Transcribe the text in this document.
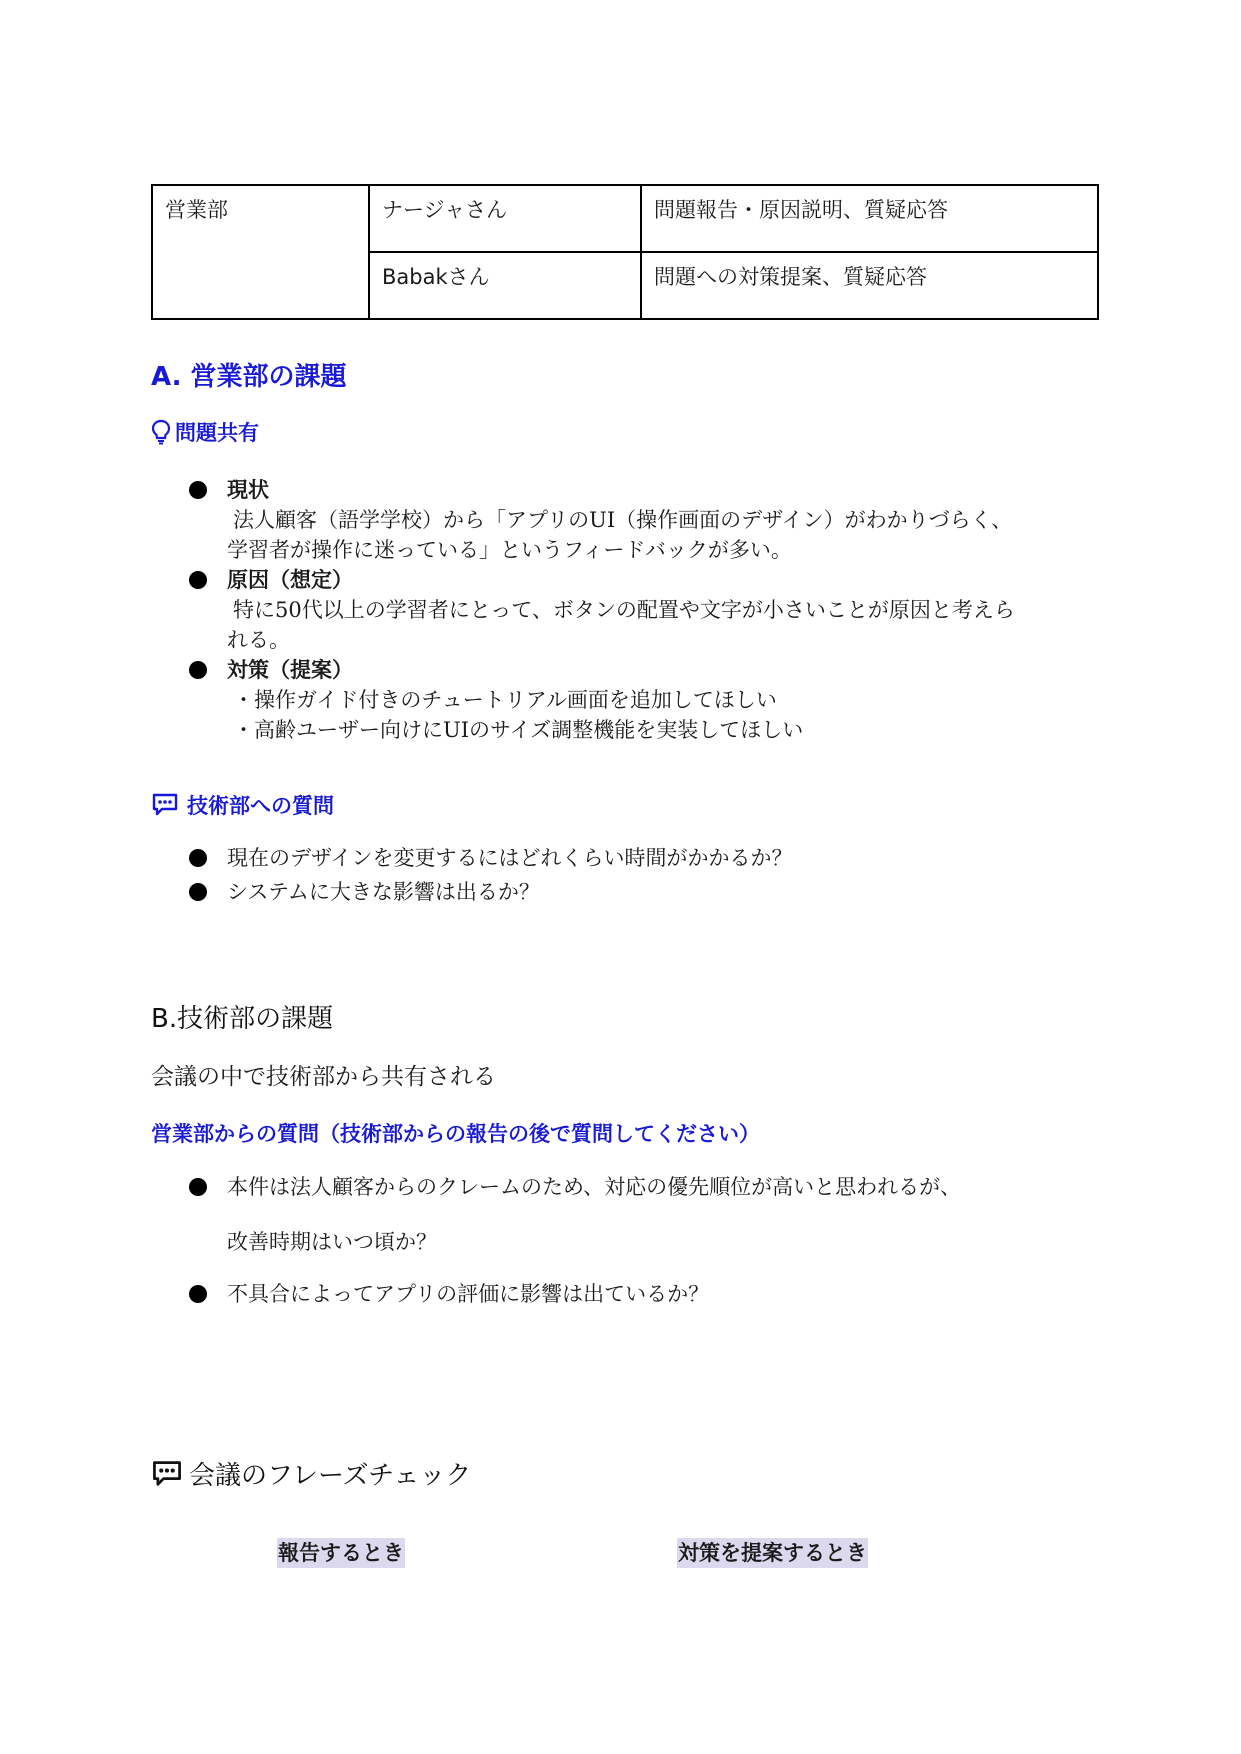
営業部	ナージャさん	問題報告・原因説明、質疑応答
	Babakさん	問題への対策提案、質疑応答
A. 営業部の課題
問題共有
現状
法人顧客（語学学校）から「アプリのUI（操作画面のデザイン）がわかりづらく、
学習者が操作に迷っている」というフィードバックが多い。
原因（想定）
特に50代以上の学習者にとって、ボタンの配置や文字が小さいことが原因と考えら
れる。
対策（提案）
・操作ガイド付きのチュートリアル画面を追加してほしい
・高齢ユーザー向けにUIのサイズ調整機能を実装してほしい
技術部への質問
現在のデザインを変更するにはどれくらい時間がかかるか？
システムに大きな影響は出るか？
B.技術部の課題
会議の中で技術部から共有される
営業部からの質問（技術部からの報告の後で質問してください）
本件は法人顧客からのクレームのため、対応の優先順位が高いと思われるが、
改善時期はいつ頃か？
不具合によってアプリの評価に影響は出ているか？
会議のフレーズチェック
報告するとき	対策を提案するとき
